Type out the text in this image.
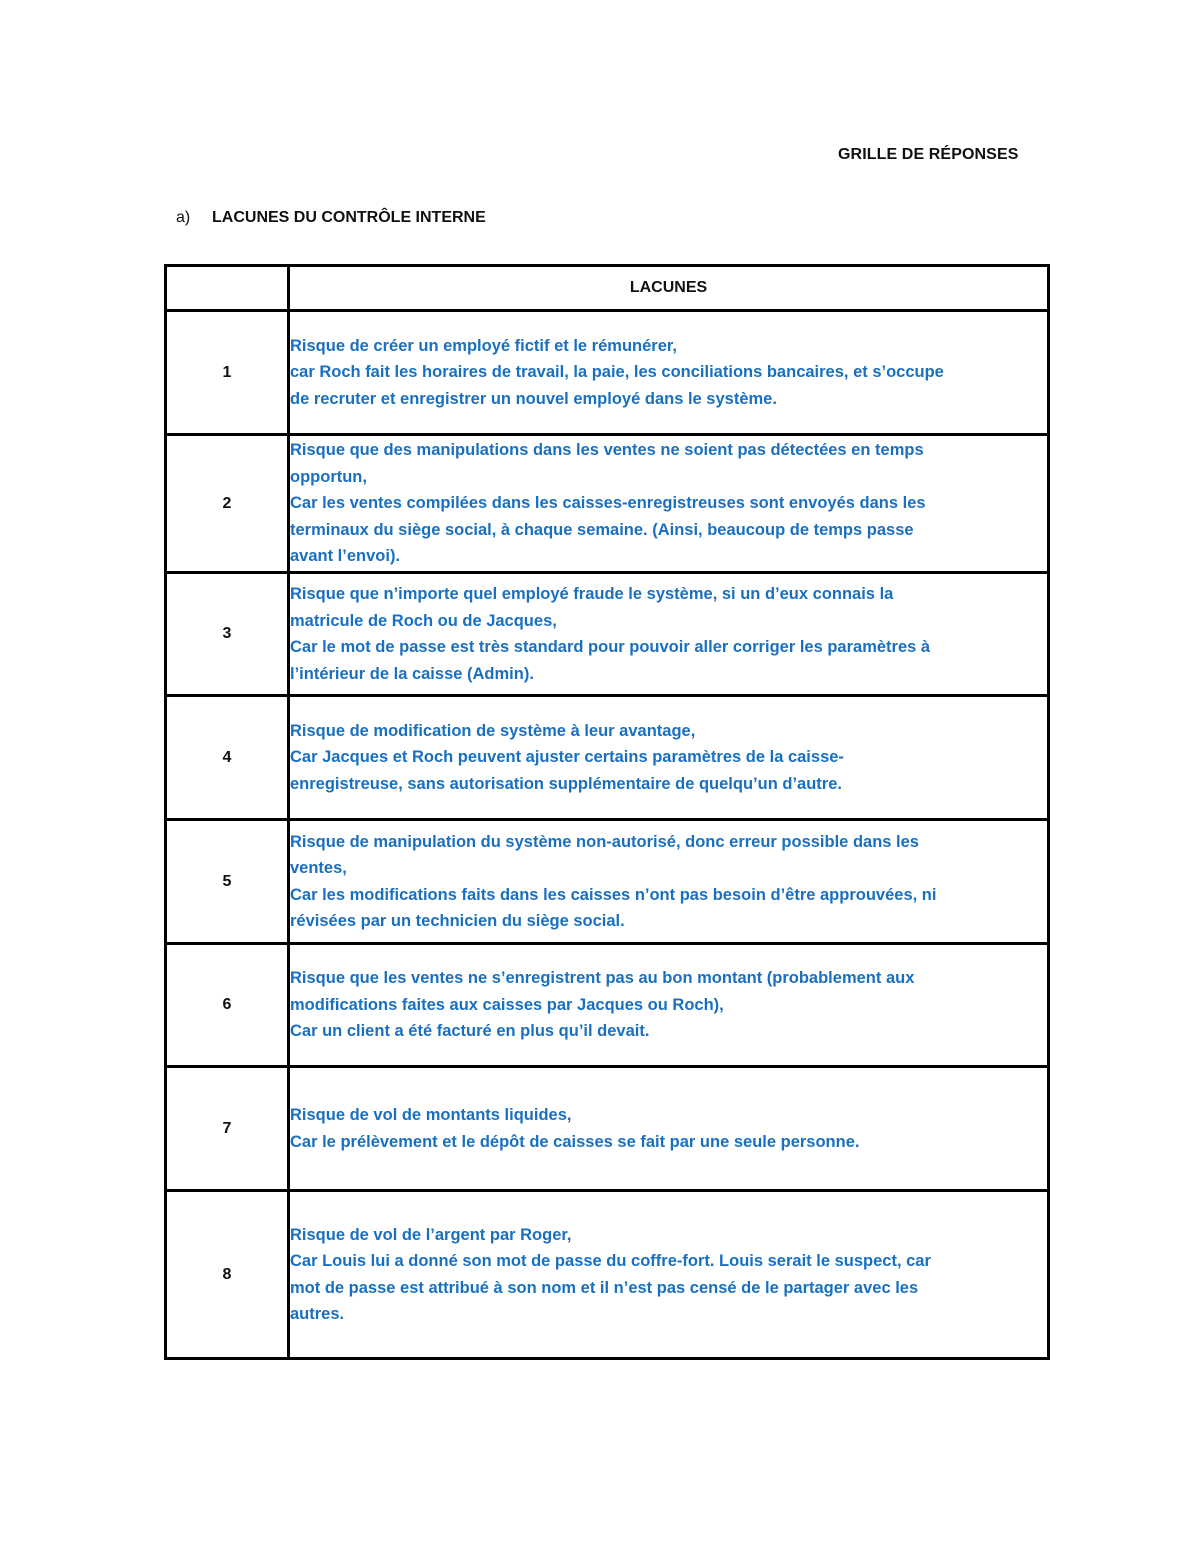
GRILLE DE RÉPONSES
a) LACUNES DU CONTRÔLE INTERNE
	LACUNES
1	Risque de créer un employé fictif et le rémunérer,
car Roch fait les horaires de travail, la paie, les conciliations bancaires, et s’occupe
de recruter et enregistrer un nouvel employé dans le système.

2	Risque que des manipulations dans les ventes ne soient pas détectées en temps
opportun,
Car les ventes compilées dans les caisses-enregistreuses sont envoyés dans les
terminaux du siège social, à chaque semaine. (Ainsi, beaucoup de temps passe
avant l’envoi).

3	Risque que n’importe quel employé fraude le système, si un d’eux connais la
matricule de Roch ou de Jacques,
Car le mot de passe est très standard pour pouvoir aller corriger les paramètres à
l’intérieur de la caisse (Admin).

4	Risque de modification de système à leur avantage,
Car Jacques et Roch peuvent ajuster certains paramètres de la caisse-
enregistreuse, sans autorisation supplémentaire de quelqu’un d’autre.

5	Risque de manipulation du système non-autorisé, donc erreur possible dans les
ventes,
Car les modifications faits dans les caisses n’ont pas besoin d’être approuvées, ni
révisées par un technicien du siège social.

6	Risque que les ventes ne s’enregistrent pas au bon montant (probablement aux
modifications faites aux caisses par Jacques ou Roch),
Car un client a été facturé en plus qu’il devait.

7	Risque de vol de montants liquides,
Car le prélèvement et le dépôt de caisses se fait par une seule personne.

8	Risque de vol de l’argent par Roger,
Car Louis lui a donné son mot de passe du coffre-fort. Louis serait le suspect, car
mot de passe est attribué à son nom et il n’est pas censé de le partager avec les
autres.
